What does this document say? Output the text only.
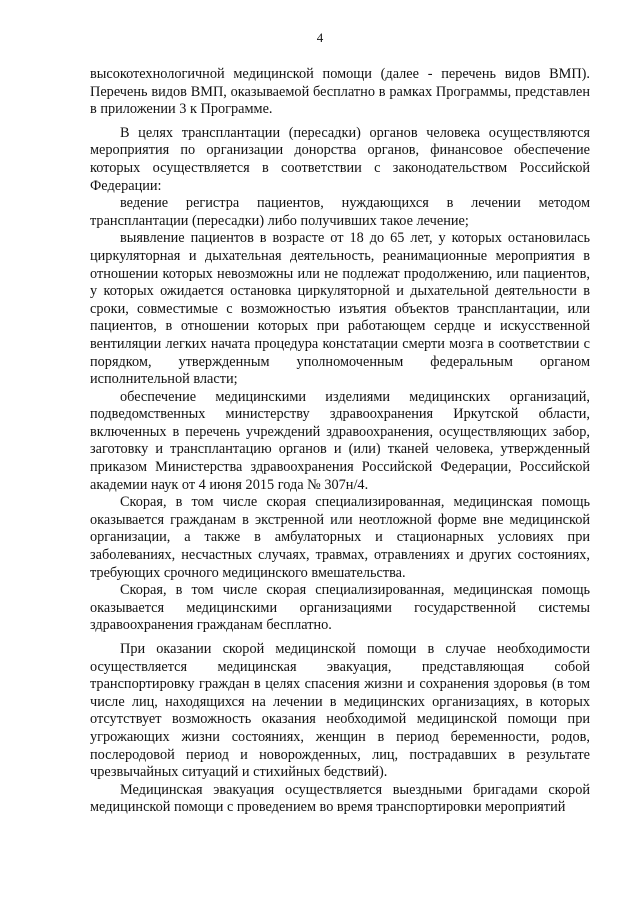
4

высокотехнологичной медицинской помощи (далее - перечень видов ВМП). Перечень видов ВМП, оказываемой бесплатно в рамках Программы, представлен в приложении 3 к Программе.

В целях трансплантации (пересадки) органов человека осуществляются мероприятия по организации донорства органов, финансовое обеспечение которых осуществляется в соответствии с законодательством Российской Федерации:

ведение регистра пациентов, нуждающихся в лечении методом трансплантации (пересадки) либо получивших такое лечение;

выявление пациентов в возрасте от 18 до 65 лет, у которых остановилась циркуляторная и дыхательная деятельность, реанимационные мероприятия в отношении которых невозможны или не подлежат продолжению, или пациентов, у которых ожидается остановка циркуляторной и дыхательной деятельности в сроки, совместимые с возможностью изъятия объектов трансплантации, или пациентов, в отношении которых при работающем сердце и искусственной вентиляции легких начата процедура констатации смерти мозга в соответствии с порядком, утвержденным уполномоченным федеральным органом исполнительной власти;

обеспечение медицинскими изделиями медицинских организаций, подведомственных министерству здравоохранения Иркутской области, включенных в перечень учреждений здравоохранения, осуществляющих забор, заготовку и трансплантацию органов и (или) тканей человека, утвержденный приказом Министерства здравоохранения Российской Федерации, Российской академии наук от 4 июня 2015 года № 307н/4.

Скорая, в том числе скорая специализированная, медицинская помощь оказывается гражданам в экстренной или неотложной форме вне медицинской организации, а также в амбулаторных и стационарных условиях при заболеваниях, несчастных случаях, травмах, отравлениях и других состояниях, требующих срочного медицинского вмешательства.

Скорая, в том числе скорая специализированная, медицинская помощь оказывается медицинскими организациями государственной системы здравоохранения гражданам бесплатно.

При оказании скорой медицинской помощи в случае необходимости осуществляется медицинская эвакуация, представляющая собой транспортировку граждан в целях спасения жизни и сохранения здоровья (в том числе лиц, находящихся на лечении в медицинских организациях, в которых отсутствует возможность оказания необходимой медицинской помощи при угрожающих жизни состояниях, женщин в период беременности, родов, послеродовой период и новорожденных, лиц, пострадавших в результате чрезвычайных ситуаций и стихийных бедствий).

Медицинская эвакуация осуществляется выездными бригадами скорой медицинской помощи с проведением во время транспортировки мероприятий
